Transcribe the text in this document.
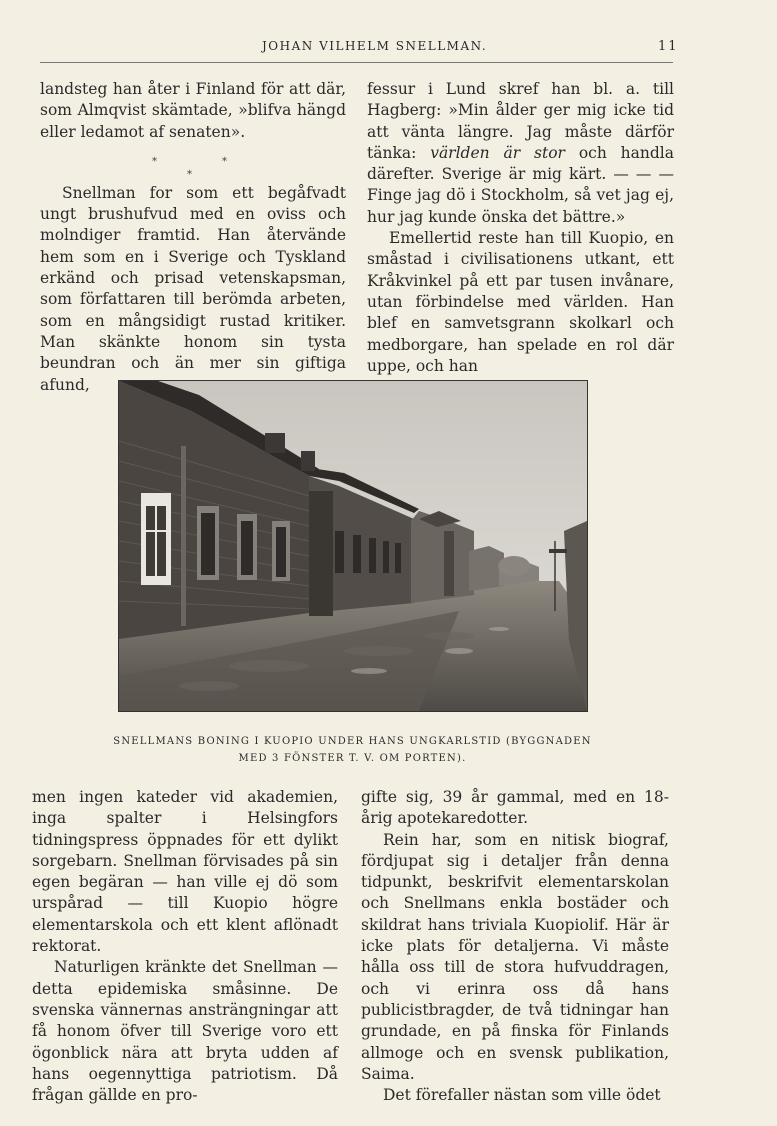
JOHAN VILHELM SNELLMAN.	11

landsteg han åter i Finland för att där, som Almqvist skämtade, »blifva hängd eller ledamot af senaten».

⁎	⁎
⁎

Snellman for som ett begåfvadt ungt brushufvud med en oviss och molndiger framtid. Han återvände hem som en i Sverige och Tyskland erkänd och prisad vetenskapsman, som författaren till berömda arbeten, som en mångsidigt rustad kritiker. Man skänkte honom sin tysta beundran och än mer sin giftiga afund,

fessur i Lund skref han bl. a. till Hagberg: »Min ålder ger mig icke tid att vänta längre. Jag måste därför tänka: världen är stor och handla därefter. Sverige är mig kärt. — — — Finge jag dö i Stockholm, så vet jag ej, hur jag kunde önska det bättre.»

Emellertid reste han till Kuopio, en småstad i civilisationens utkant, ett Kråkvinkel på ett par tusen invånare, utan förbindelse med världen. Han blef en samvetsgrann skolkarl och medborgare, han spelade en rol där uppe, och han

SNELLMANS BONING I KUOPIO UNDER HANS UNGKARLSTID (BYGGNADEN MED 3 FÖNSTER T. V. OM PORTEN).

men ingen kateder vid akademien, inga spalter i Helsingfors tidningspress öppnades för ett dylikt sorgebarn. Snellman förvisades på sin egen begäran — han ville ej dö som urspårad — till Kuopio högre elementarskola och ett klent aflönadt rektorat.

Naturligen kränkte det Snellman — detta epidemiska småsinne. De svenska vännernas ansträngningar att få honom öfver till Sverige voro ett ögonblick nära att bryta udden af hans oegennyttiga patriotism. Då frågan gällde en pro-

gifte sig, 39 år gammal, med en 18-årig apotekaredotter.

Rein har, som en nitisk biograf, fördjupat sig i detaljer från denna tidpunkt, beskrifvit elementarskolan och Snellmans enkla bostäder och skildrat hans triviala Kuopiolif. Här är icke plats för detaljerna. Vi måste hålla oss till de stora hufvuddragen, och vi erinra oss då hans publicistbragder, de två tidningar han grundade, en på finska för Finlands allmoge och en svensk publikation, Saima.

Det förefaller nästan som ville ödet
